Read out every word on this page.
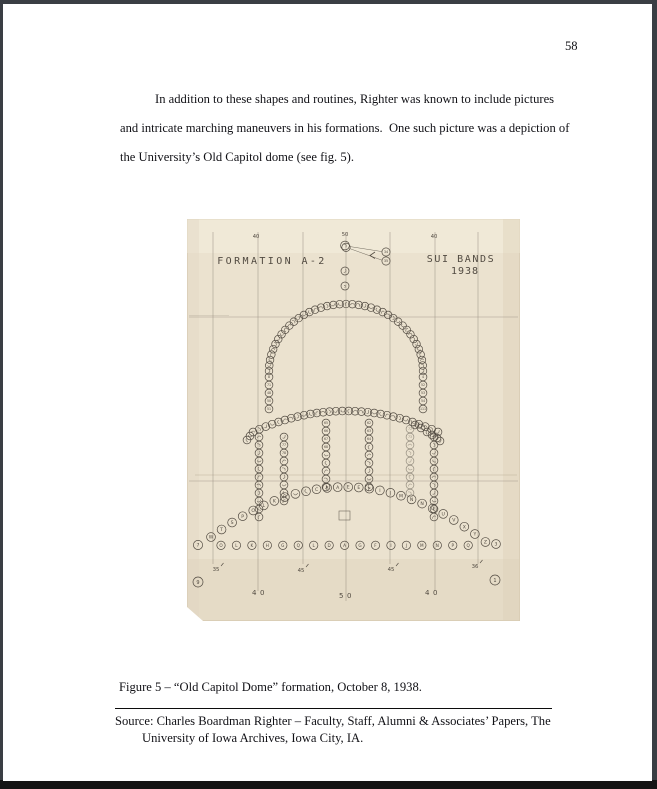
58
In addition to these shapes and routines, Righter was known to include pictures
and intricate marching maneuvers in his formations.  One such picture was a depiction of
the University’s Old Capitol dome (see fig. 5).
FORMATION A-2	SUI BANDS
1938
40	50	40
5
34
35
8
71
48
50
51
4
52
53
54
111
77
78
65
66
67
68
62
63
64
72
73
W
T
S
P
O
L
K
H
C B A E E F I J
M
N
N
Q
U
V
X
Y
Z 3
7	O	L	K	H	G	Q	L	D	A	G	F	I	J	M	N	P	Q
35	45	45	36
9	1
40	50	40
Figure 5 – “Old Capitol Dome” formation, October 8, 1938.
Source: Charles Boardman Righter – Faculty, Staff, Alumni & Associates’ Papers, The
University of Iowa Archives, Iowa City, IA.
